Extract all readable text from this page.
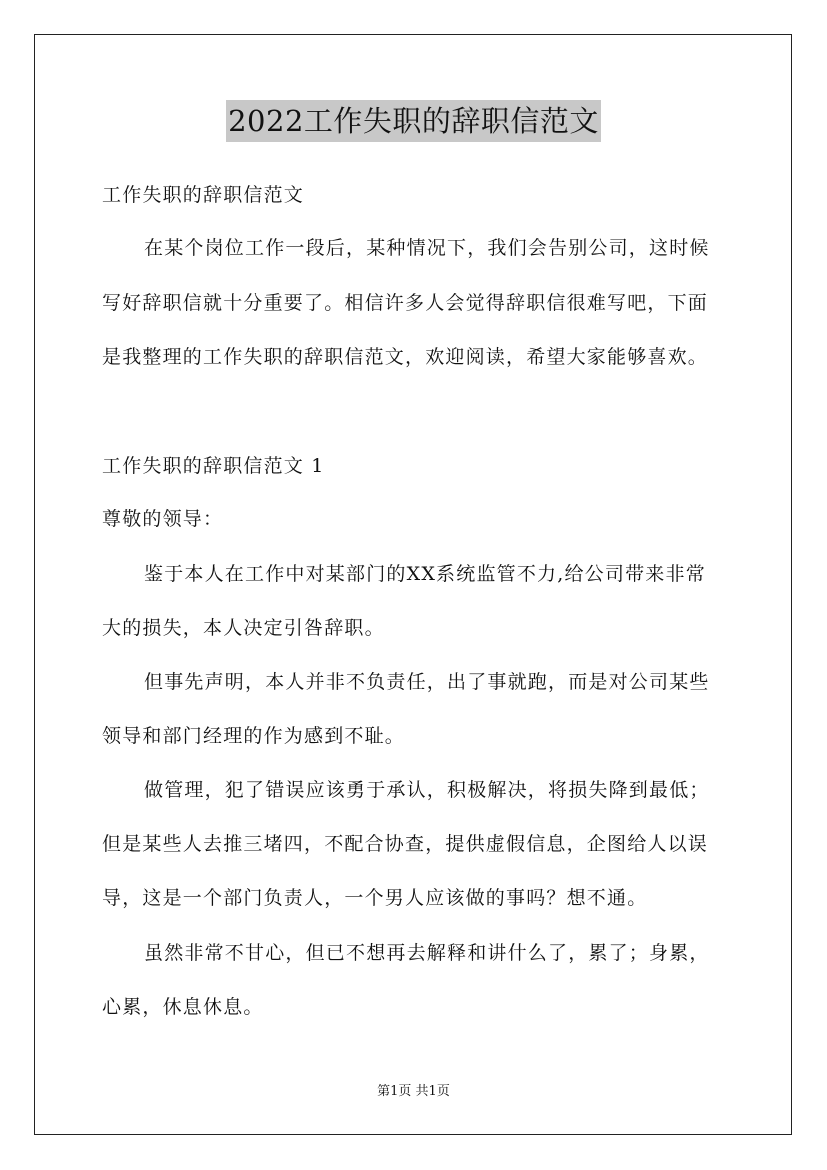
2022工作失职的辞职信范文
工作失职的辞职信范文
在某个岗位工作一段后，某种情况下，我们会告别公司，这时候
写好辞职信就十分重要了。相信许多人会觉得辞职信很难写吧，下面
是我整理的工作失职的辞职信范文，欢迎阅读，希望大家能够喜欢。
工作失职的辞职信范文 1
尊敬的领导：
鉴于本人在工作中对某部门的XX系统监管不力,给公司带来非常
大的损失，本人决定引咎辞职。
但事先声明，本人并非不负责任，出了事就跑，而是对公司某些
领导和部门经理的作为感到不耻。
做管理，犯了错误应该勇于承认，积极解决，将损失降到最低；
但是某些人去推三堵四，不配合协查，提供虚假信息，企图给人以误
导，这是一个部门负责人，一个男人应该做的事吗？想不通。
虽然非常不甘心，但已不想再去解释和讲什么了，累了；身累，
心累，休息休息。
第1页 共1页
